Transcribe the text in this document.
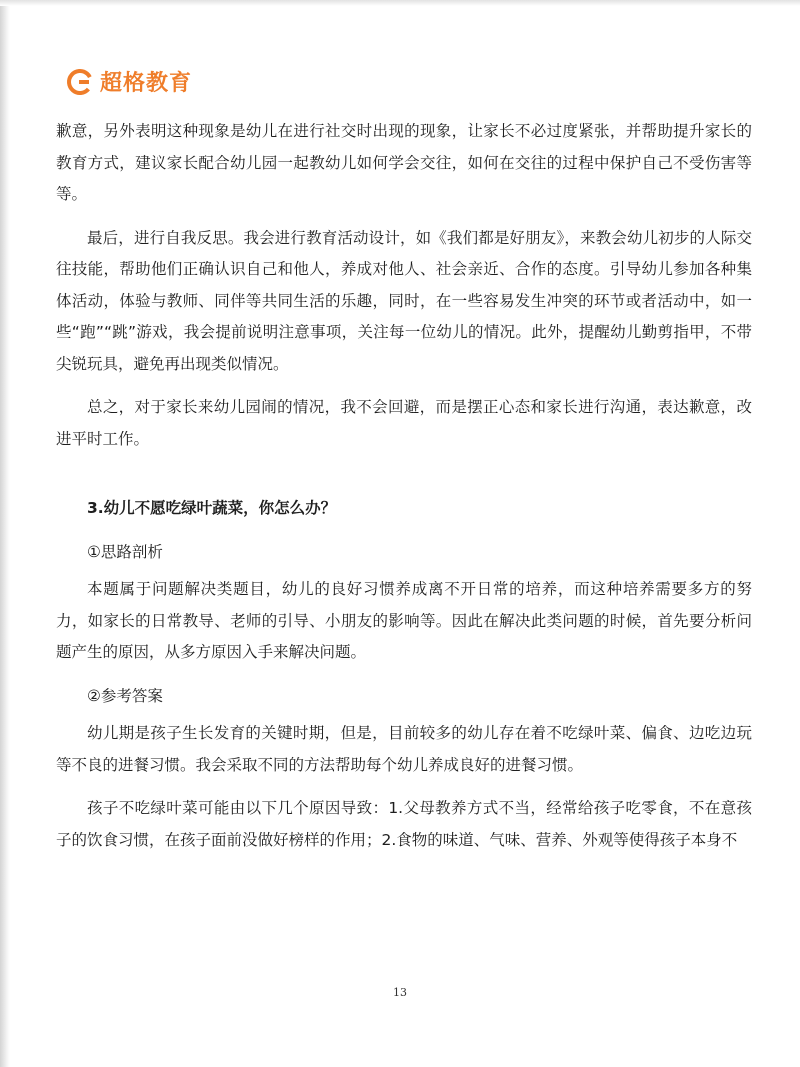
超格教育

歉意，另外表明这种现象是幼儿在进行社交时出现的现象，让家长不必过度紧张，并帮助提升家长的教育方式，建议家长配合幼儿园一起教幼儿如何学会交往，如何在交往的过程中保护自己不受伤害等等。

最后，进行自我反思。我会进行教育活动设计，如《我们都是好朋友》，来教会幼儿初步的人际交往技能，帮助他们正确认识自己和他人，养成对他人、社会亲近、合作的态度。引导幼儿参加各种集体活动，体验与教师、同伴等共同生活的乐趣，同时，在一些容易发生冲突的环节或者活动中，如一些“跑”“跳”游戏，我会提前说明注意事项，关注每一位幼儿的情况。此外，提醒幼儿勤剪指甲，不带尖锐玩具，避免再出现类似情况。

总之，对于家长来幼儿园闹的情况，我不会回避，而是摆正心态和家长进行沟通，表达歉意，改进平时工作。

3.幼儿不愿吃绿叶蔬菜，你怎么办？

①思路剖析

本题属于问题解决类题目，幼儿的良好习惯养成离不开日常的培养，而这种培养需要多方的努力，如家长的日常教导、老师的引导、小朋友的影响等。因此在解决此类问题的时候，首先要分析问题产生的原因，从多方原因入手来解决问题。

②参考答案

幼儿期是孩子生长发育的关键时期，但是，目前较多的幼儿存在着不吃绿叶菜、偏食、边吃边玩等不良的进餐习惯。我会采取不同的方法帮助每个幼儿养成良好的进餐习惯。

孩子不吃绿叶菜可能由以下几个原因导致：1.父母教养方式不当，经常给孩子吃零食，不在意孩子的饮食习惯，在孩子面前没做好榜样的作用；2.食物的味道、气味、营养、外观等使得孩子本身不

13
